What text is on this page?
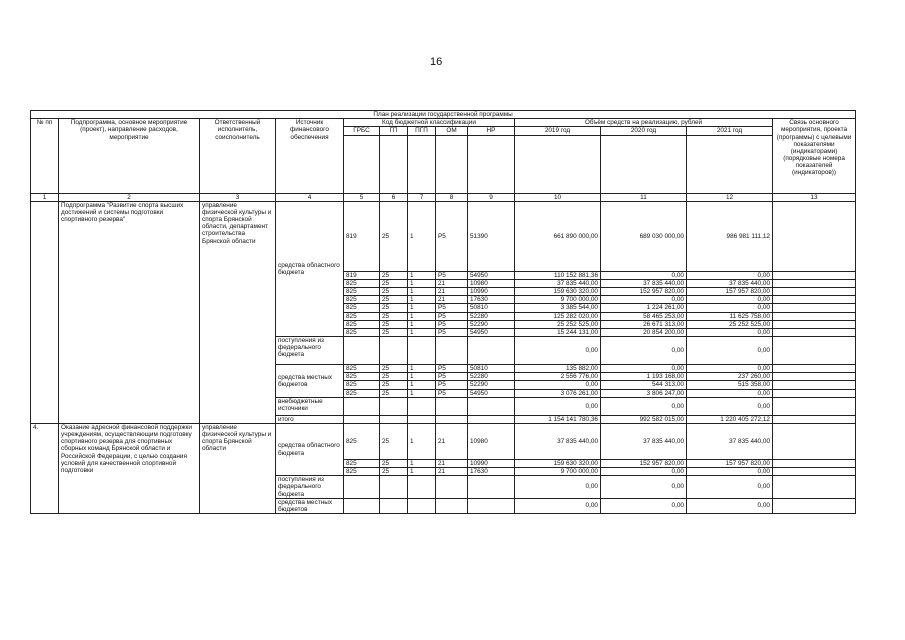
16
План реализации государственной программы												
№ пп	Подпрограмма, основное мероприятие (проект), направление расходов, мероприятие	Ответственный исполнитель, соисполнитель	Источник финансового обеспечения	Код бюджетной классификации					Объём средств на реализацию, рублей			Связь основного мероприятия, проекта (программы) с целевыми показателями (индикаторами) (порядковые номера показателей (индикаторов))
				ГРБС	ГП	ПГП	ОМ	НР	2019 год	2020 год	2021 год	

1	2	3	4	5	6	7	8	9	10	11	12	13
	Подпрограмма "Развитие спорта высших достижений и системы подготовки спортивного резерва"	управление физической культуры и спорта Брянской области, департамент строительства Брянской области	средства областного бюджета	819	25	1	P5	51390	661 890 000,00	689 030 000,00	986 981 111,12	
				819	25	1	P5	54950	110 152 881,36	0,00	0,00	
				825	25	1	21	10980	37 835 440,00	37 835 440,00	37 835 440,00	
				825	25	1	21	10990	159 630 320,00	152 957 820,00	157 957 820,00	
				825	25	1	21	17630	9 700 000,00	0,00	0,00	
				825	25	1	P5	50810	3 385 544,00	1 224 261,00	0,00	
				825	25	1	P5	52280	125 282 020,00	58 465 253,00	11 625 758,00	
				825	25	1	P5	52290	25 252 525,00	26 671 313,00	25 252 525,00	
				825	25	1	P5	54950	15 244 131,00	20 854 200,00	0,00	
			поступления из федерального бюджета						0,00	0,00	0,00	
			средства местных бюджетов	825	25	1	P5	50810	135 882,00	0,00	0,00	
				825	25	1	P5	52280	2 556 776,00	1 193 168,00	237 260,00	
				825	25	1	P5	52290	0,00	544 313,00	515 358,00	
				825	25	1	P5	54950	3 076 261,00	3 806 247,00	0,00	
			внебюджетные источники						0,00	0,00	0,00	
			итого						1 154 141 780,36	992 582 015,00	1 220 405 272,12	
4.	Оказание адресной финансовой поддержки учреждениям, осуществляющим подготовку спортивного резерва для спортивных сборных команд Брянской области и Российской Федерации, с целью создания условий для качественной спортивной подготовки	управление физической культуры и спорта Брянской области	средства областного бюджета	825	25	1	21	10980	37 835 440,00	37 835 440,00	37 835 440,00	
				825	25	1	21	10990	159 630 320,00	152 957 820,00	157 957 820,00	
				825	25	1	21	17630	9 700 000,00	0,00	0,00	
			поступления из федерального бюджета						0,00	0,00	0,00	
			средства местных бюджетов						0,00	0,00	0,00	
